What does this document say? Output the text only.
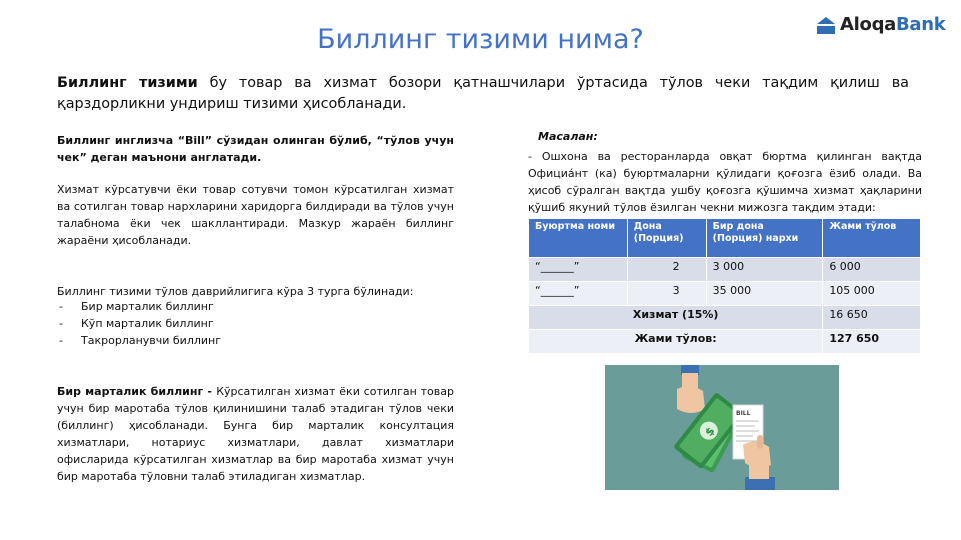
Биллинг тизими нима?	AloqaBank
Биллинг тизими бу товар ва хизмат бозори қатнашчилари ўртасида тўлов чеки тақдим қилиш ва қарздорликни ундириш тизими ҳисобланади.
Биллинг инглизча “Bill” сўзидан олинган бўлиб, “тўлов учун чек” деган маънони англатади.
Хизмат кўрсатувчи ёки товар сотувчи томон кўрсатилган хизмат ва сотилган товар нархларини харидорга билдиради ва тўлов учун талабнома ёки чек шакллантиради. Мазкур жараён биллинг жараёни ҳисобланади.
Биллинг тизими тўлов даврийлигига кўра 3 турга бўлинади:
- Бир марталик биллинг
- Кўп марталик биллинг
- Такрорланувчи биллинг
Бир марталик биллинг - Кўрсатилган хизмат ёки сотилган товар учун бир маротаба тўлов қилинишини талаб этадиган тўлов чеки (биллинг) ҳисобланади. Бунга бир марталик консултация хизматлари, нотариус хизматлари, давлат хизматлари офисларида кўрсатилган хизматлар ва бир маротаба хизмат учун бир маротаба тўловни талаб этиладиган хизматлар.
Масалан:
- Ошхона ва ресторанларда овқат бюртма қилинган вақтда Официа́нт (ка) буюртмаларни қўлидаги қоғозга ёзиб олади. Ва ҳисоб сўралган вақтда ушбу қоғозга қўшимча хизмат ҳақларини қўшиб якуний тўлов ёзилган чекни мижозга тақдим этади:
Буюртма номи	Дона (Порция)	Бир дона (Порция) нархи	Жами тўлов
“______”	2	3 000	6 000
“______”	3	35 000	105 000
Хизмат (15%)			16 650
Жами тўлов:			127 650
$
BILL
